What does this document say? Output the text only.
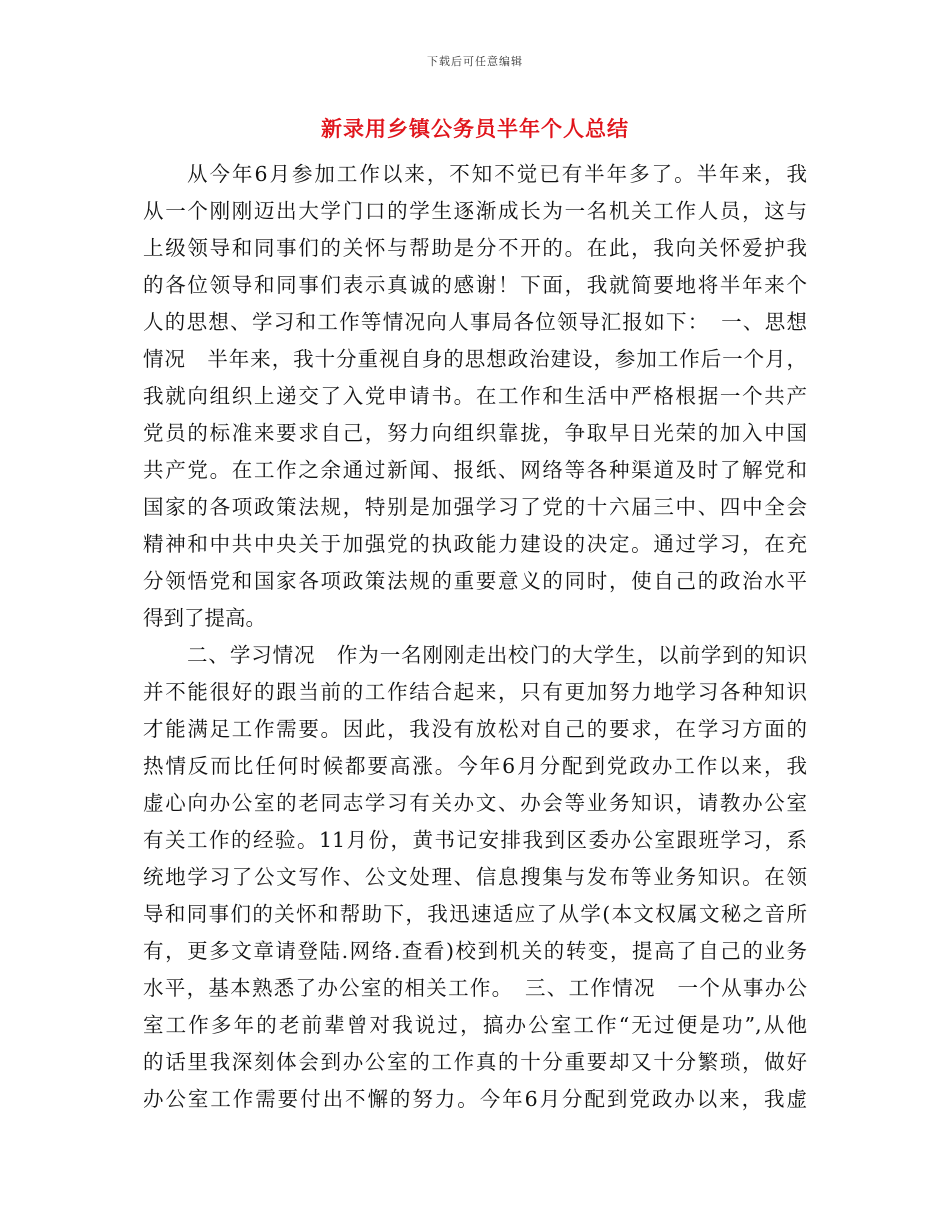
下载后可任意编辑
新录用乡镇公务员半年个人总结
从今年6月参加工作以来，不知不觉已有半年多了。半年来，我
从一个刚刚迈出大学门口的学生逐渐成长为一名机关工作人员，这与
上级领导和同事们的关怀与帮助是分不开的。在此，我向关怀爱护我
的各位领导和同事们表示真诚的感谢！下面，我就简要地将半年来个
人的思想、学习和工作等情况向人事局各位领导汇报如下：　一、思想
情况　半年来，我十分重视自身的思想政治建设，参加工作后一个月，
我就向组织上递交了入党申请书。在工作和生活中严格根据一个共产
党员的标准来要求自己，努力向组织靠拢，争取早日光荣的加入中国
共产党。在工作之余通过新闻、报纸、网络等各种渠道及时了解党和
国家的各项政策法规，特别是加强学习了党的十六届三中、四中全会
精神和中共中央关于加强党的执政能力建设的决定。通过学习，在充
分领悟党和国家各项政策法规的重要意义的同时，使自己的政治水平
得到了提高。
二、学习情况　作为一名刚刚走出校门的大学生，以前学到的知识
并不能很好的跟当前的工作结合起来，只有更加努力地学习各种知识
才能满足工作需要。因此，我没有放松对自己的要求，在学习方面的
热情反而比任何时候都要高涨。今年6月分配到党政办工作以来，我
虚心向办公室的老同志学习有关办文、办会等业务知识，请教办公室
有关工作的经验。11月份，黄书记安排我到区委办公室跟班学习，系
统地学习了公文写作、公文处理、信息搜集与发布等业务知识。在领
导和同事们的关怀和帮助下，我迅速适应了从学(本文权属文秘之音所
有，更多文章请登陆.网络.查看)校到机关的转变，提高了自己的业务
水平，基本熟悉了办公室的相关工作。　三、工作情况　一个从事办公
室工作多年的老前辈曾对我说过，搞办公室工作“无过便是功”,从他
的话里我深刻体会到办公室的工作真的十分重要却又十分繁琐，做好
办公室工作需要付出不懈的努力。今年6月分配到党政办以来，我虚
